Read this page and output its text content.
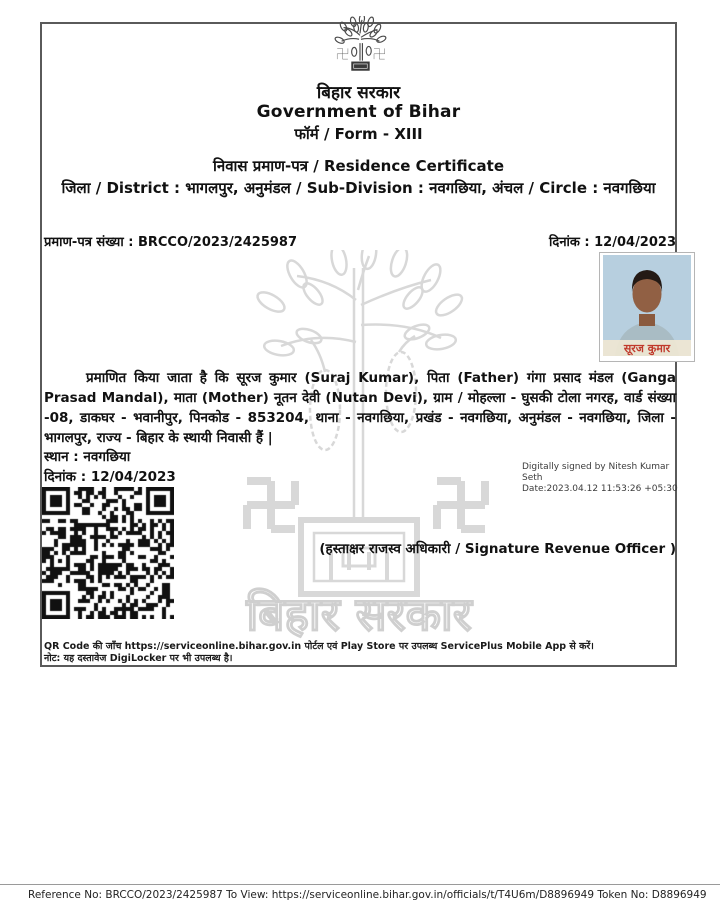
बिहार सरकार
बिहार सरकार
Government of Bihar
फॉर्म / Form - XIII
निवास प्रमाण-पत्र / Residence Certificate
जिला / District : भागलपुर, अनुमंडल / Sub-Division : नवगछिया, अंचल / Circle : नवगछिया
प्रमाण-पत्र संख्या : BRCCO/2023/2425987	दिनांक : 12/04/2023
सूरज कुमार
प्रमाणित किया जाता है कि सूरज कुमार (Suraj Kumar), पिता (Father) गंगा प्रसाद मंडल (Ganga Prasad Mandal), माता (Mother) नूतन देवी (Nutan Devi), ग्राम / मोहल्ला - घुसकी टोला नगरह, वार्ड संख्या -08, डाकघर - भवानीपुर, पिनकोड - 853204, थाना - नवगछिया, प्रखंड - नवगछिया, अनुमंडल - नवगछिया, जिला - भागलपुर, राज्य - बिहार के स्थायी निवासी हैं |
स्थान : नवगछिया
दिनांक : 12/04/2023
Digitally signed by Nitesh Kumar Seth
Date:2023.04.12 11:53:26 +05:30
(हस्ताक्षर राजस्व अधिकारी / Signature Revenue Officer )
QR Code की जाँच https://serviceonline.bihar.gov.in पोर्टल एवं Play Store पर उपलब्ध ServicePlus Mobile App से करें।
नोट: यह दस्तावेज DigiLocker पर भी उपलब्ध है।
Reference No: BRCCO/2023/2425987 To View: https://serviceonline.bihar.gov.in/officials/t/T4U6m/D8896949 Token No: D8896949
